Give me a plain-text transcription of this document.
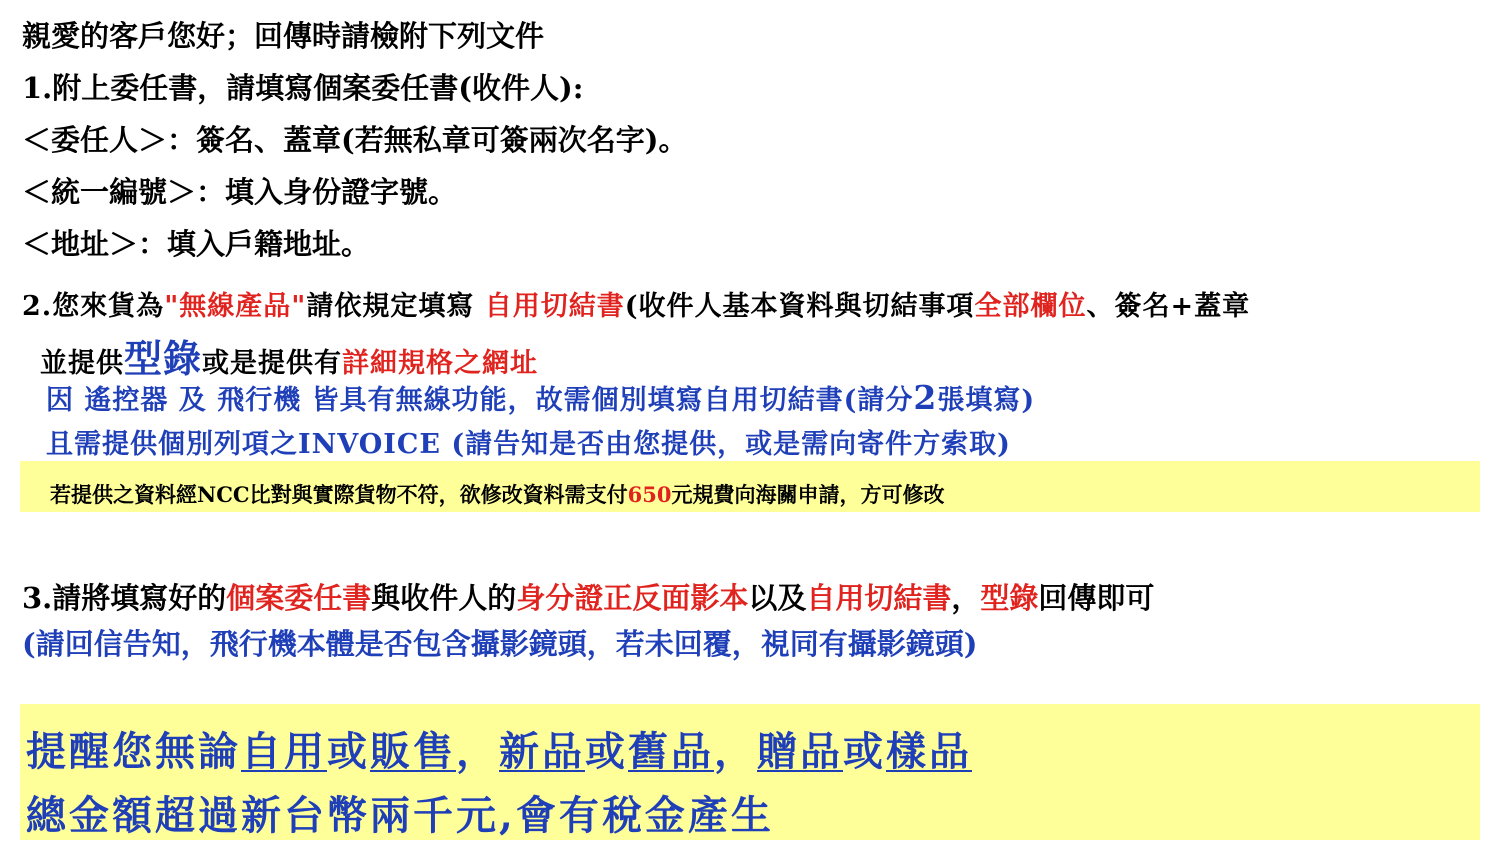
親愛的客戶您好；回傳時請檢附下列文件
1.附上委任書，請填寫個案委任書(收件人):
＜委任人＞：簽名、蓋章(若無私章可簽兩次名字)。
＜統一編號＞：填入身份證字號。
＜地址＞：填入戶籍地址。
2.您來貨為"無線產品"請依規定填寫 自用切結書(收件人基本資料與切結事項全部欄位、簽名+蓋章
並提供型錄或是提供有詳細規格之網址
因 遙控器 及 飛行機 皆具有無線功能，故需個別填寫自用切結書(請分2張填寫)
且需提供個別列項之INVOICE (請告知是否由您提供，或是需向寄件方索取)
若提供之資料經NCC比對與實際貨物不符，欲修改資料需支付650元規費向海關申請，方可修改
3.請將填寫好的個案委任書與收件人的身分證正反面影本以及自用切結書，型錄回傳即可
(請回信告知，飛行機本體是否包含攝影鏡頭，若未回覆，視同有攝影鏡頭)
提醒您無論自用或販售，新品或舊品，贈品或樣品
總金額超過新台幣兩千元,會有稅金產生
